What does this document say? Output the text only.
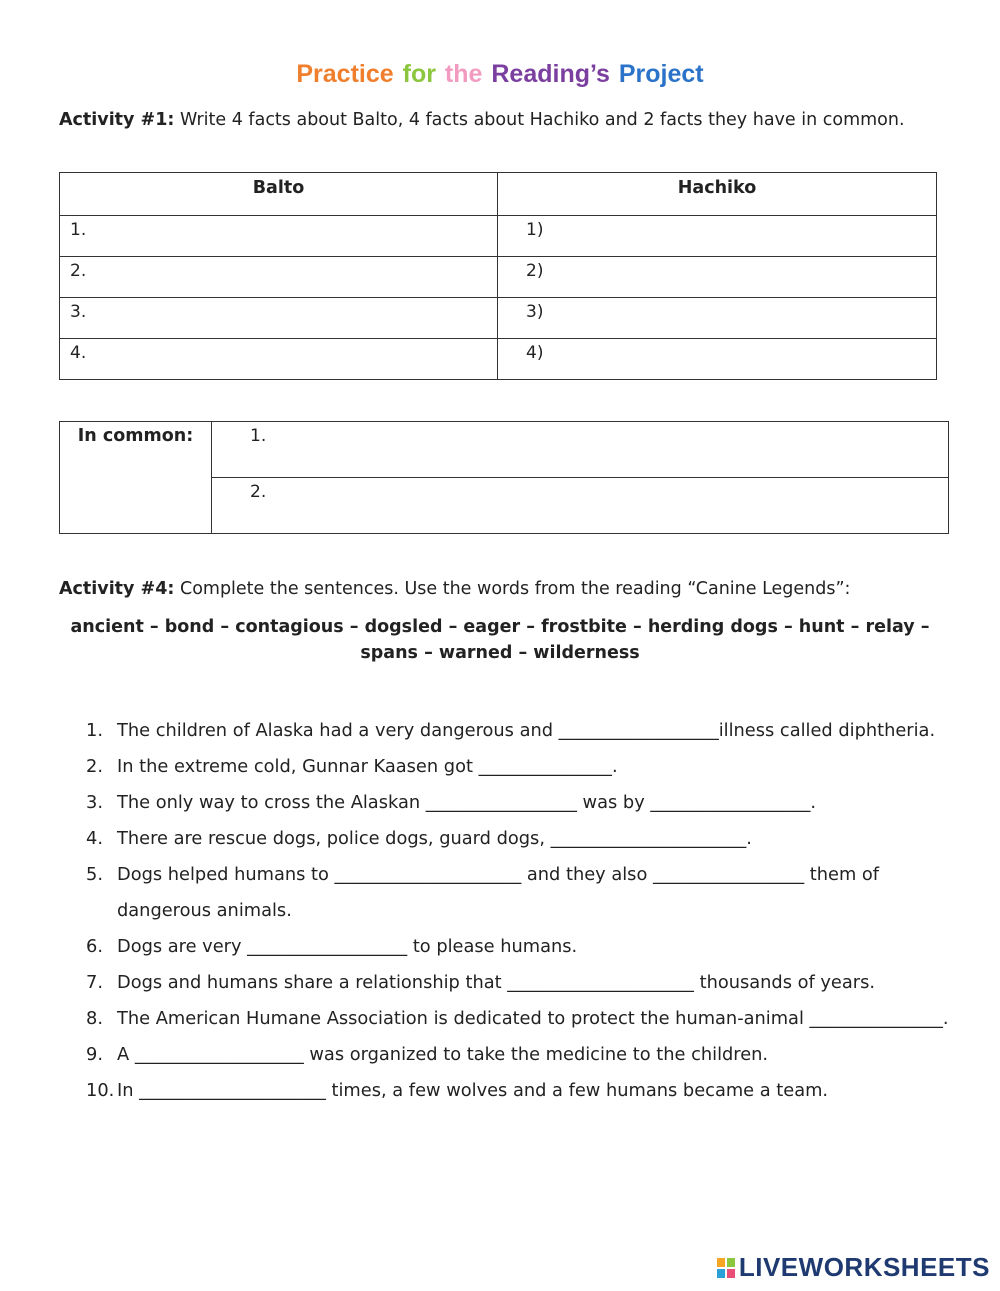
Practice for the Reading’s Project
Activity #1: Write 4 facts about Balto, 4 facts about Hachiko and 2 facts they have in common.
Balto	Hachiko
1.	1)
2.	2)
3.	3)
4.	4)
In common:	1.
2.
Activity #4: Complete the sentences. Use the words from the reading “Canine Legends”:
ancient – bond – contagious – dogsled – eager – frostbite – herding dogs – hunt – relay – spans – warned – wilderness
1. The children of Alaska had a very dangerous and __________________illness called diphtheria.
2. In the extreme cold, Gunnar Kaasen got _______________.
3. The only way to cross the Alaskan _________________ was by __________________.
4. There are rescue dogs, police dogs, guard dogs, ______________________.
5. Dogs helped humans to _____________________ and they also _________________ them of dangerous animals.
6. Dogs are very __________________ to please humans.
7. Dogs and humans share a relationship that _____________________ thousands of years.
8. The American Humane Association is dedicated to protect the human-animal _______________.
9. A ___________________ was organized to take the medicine to the children.
10. In _____________________ times, a few wolves and a few humans became a team.
LIVEWORKSHEETS
